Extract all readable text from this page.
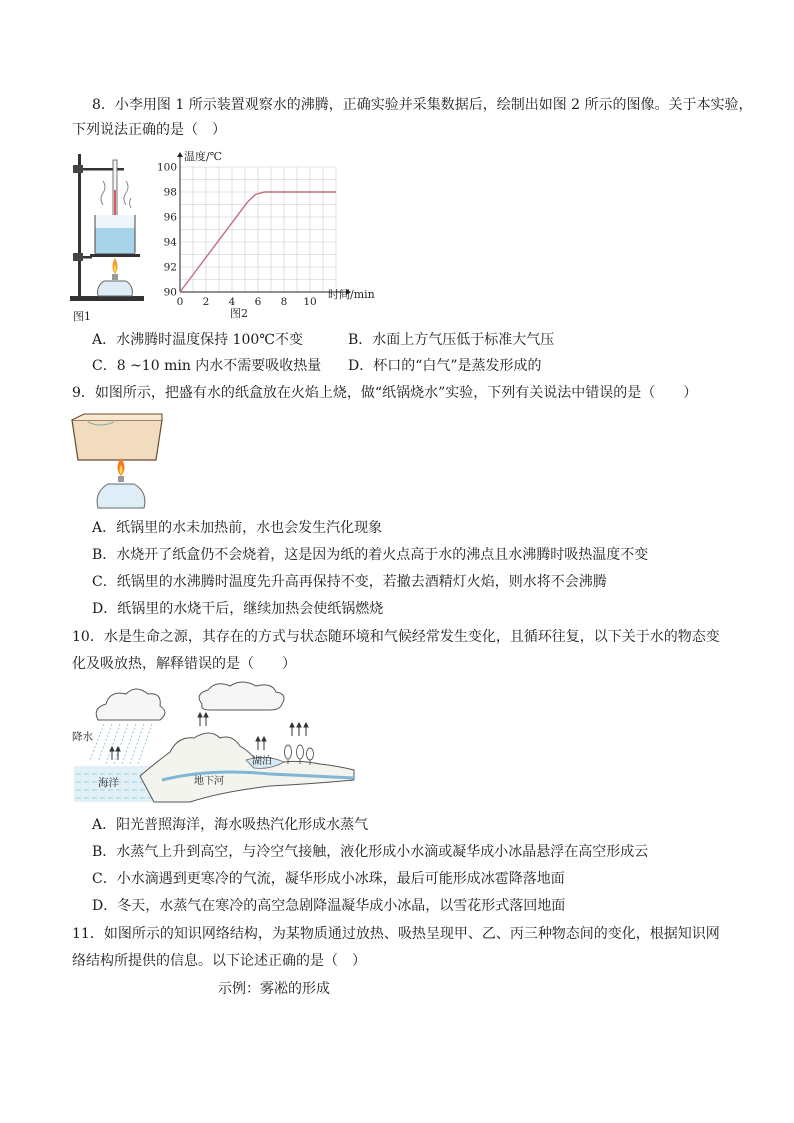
8．小李用图 1 所示装置观察水的沸腾，正确实验并采集数据后，绘制出如图 2 所示的图像。关于本实验，
下列说法正确的是（　）
图1
0 2 4 6 8 10
90
92
94
96
98
100
温度/℃
时间/min
图2
A．水沸腾时温度保持 100℃不变	B．水面上方气压低于标准大气压
C．8 ~10 min 内水不需要吸收热量 D．杯口的“白气”是蒸发形成的
9．如图所示，把盛有水的纸盒放在火焰上烧，做“纸锅烧水”实验，下列有关说法中错误的是（　　）
A．纸锅里的水未加热前，水也会发生汽化现象
B．水烧开了纸盒仍不会烧着，这是因为纸的着火点高于水的沸点且水沸腾时吸热温度不变
C．纸锅里的水沸腾时温度先升高再保持不变，若撤去酒精灯火焰，则水将不会沸腾
D．纸锅里的水烧干后，继续加热会使纸锅燃烧
10．水是生命之源，其存在的方式与状态随环境和气候经常发生变化，且循环往复，以下关于水的物态变
化及吸放热，解释错误的是（　　）
降水
海洋
湖泊
地下河
A．阳光普照海洋，海水吸热汽化形成水蒸气
B．水蒸气上升到高空，与冷空气接触，液化形成小水滴或凝华成小冰晶悬浮在高空形成云
C．小水滴遇到更寒冷的气流，凝华形成小冰珠，最后可能形成冰雹降落地面
D．冬天，水蒸气在寒冷的高空急剧降温凝华成小冰晶，以雪花形式落回地面
11．如图所示的知识网络结构，为某物质通过放热、吸热呈现甲、乙、丙三种物态间的变化，根据知识网
络结构所提供的信息。以下论述正确的是（　）
示例：雾凇的形成
